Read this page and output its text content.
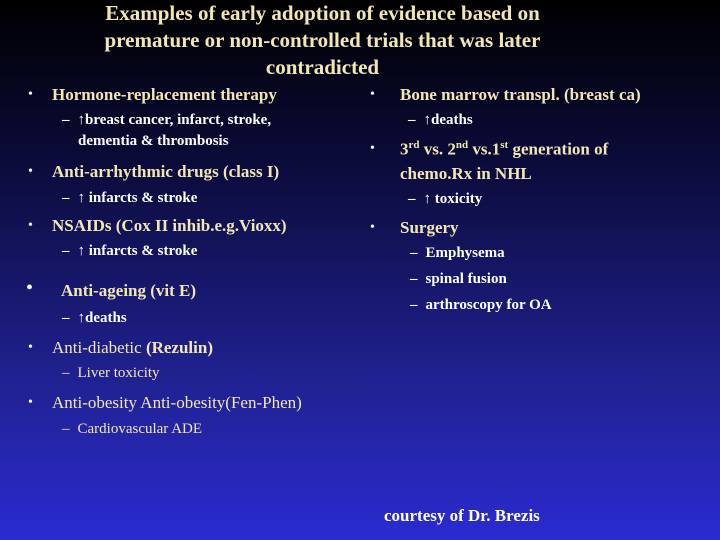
Examples of early adoption of evidence based on
premature or non-controlled trials that was later
contradicted
• Hormone-replacement therapy
– ↑breast cancer, infarct, stroke,
dementia & thrombosis
• Anti-arrhythmic drugs (class I)
– ↑ infarcts & stroke
• NSAIDs (Cox II inhib.e.g.Vioxx)
– ↑ infarcts & stroke
• Anti-ageing (vit E)
– ↑deaths
• Anti-diabetic (Rezulin)
– Liver toxicity
• Anti-obesity Anti-obesity(Fen-Phen)
– Cardiovascular ADE
• Bone marrow transpl. (breast ca)
– ↑deaths
• 3rd vs. 2nd vs.1st generation of
chemo.Rx in NHL
– ↑ toxicity
• Surgery
– Emphysema
– spinal fusion
– arthroscopy for OA
courtesy of Dr. Brezis
